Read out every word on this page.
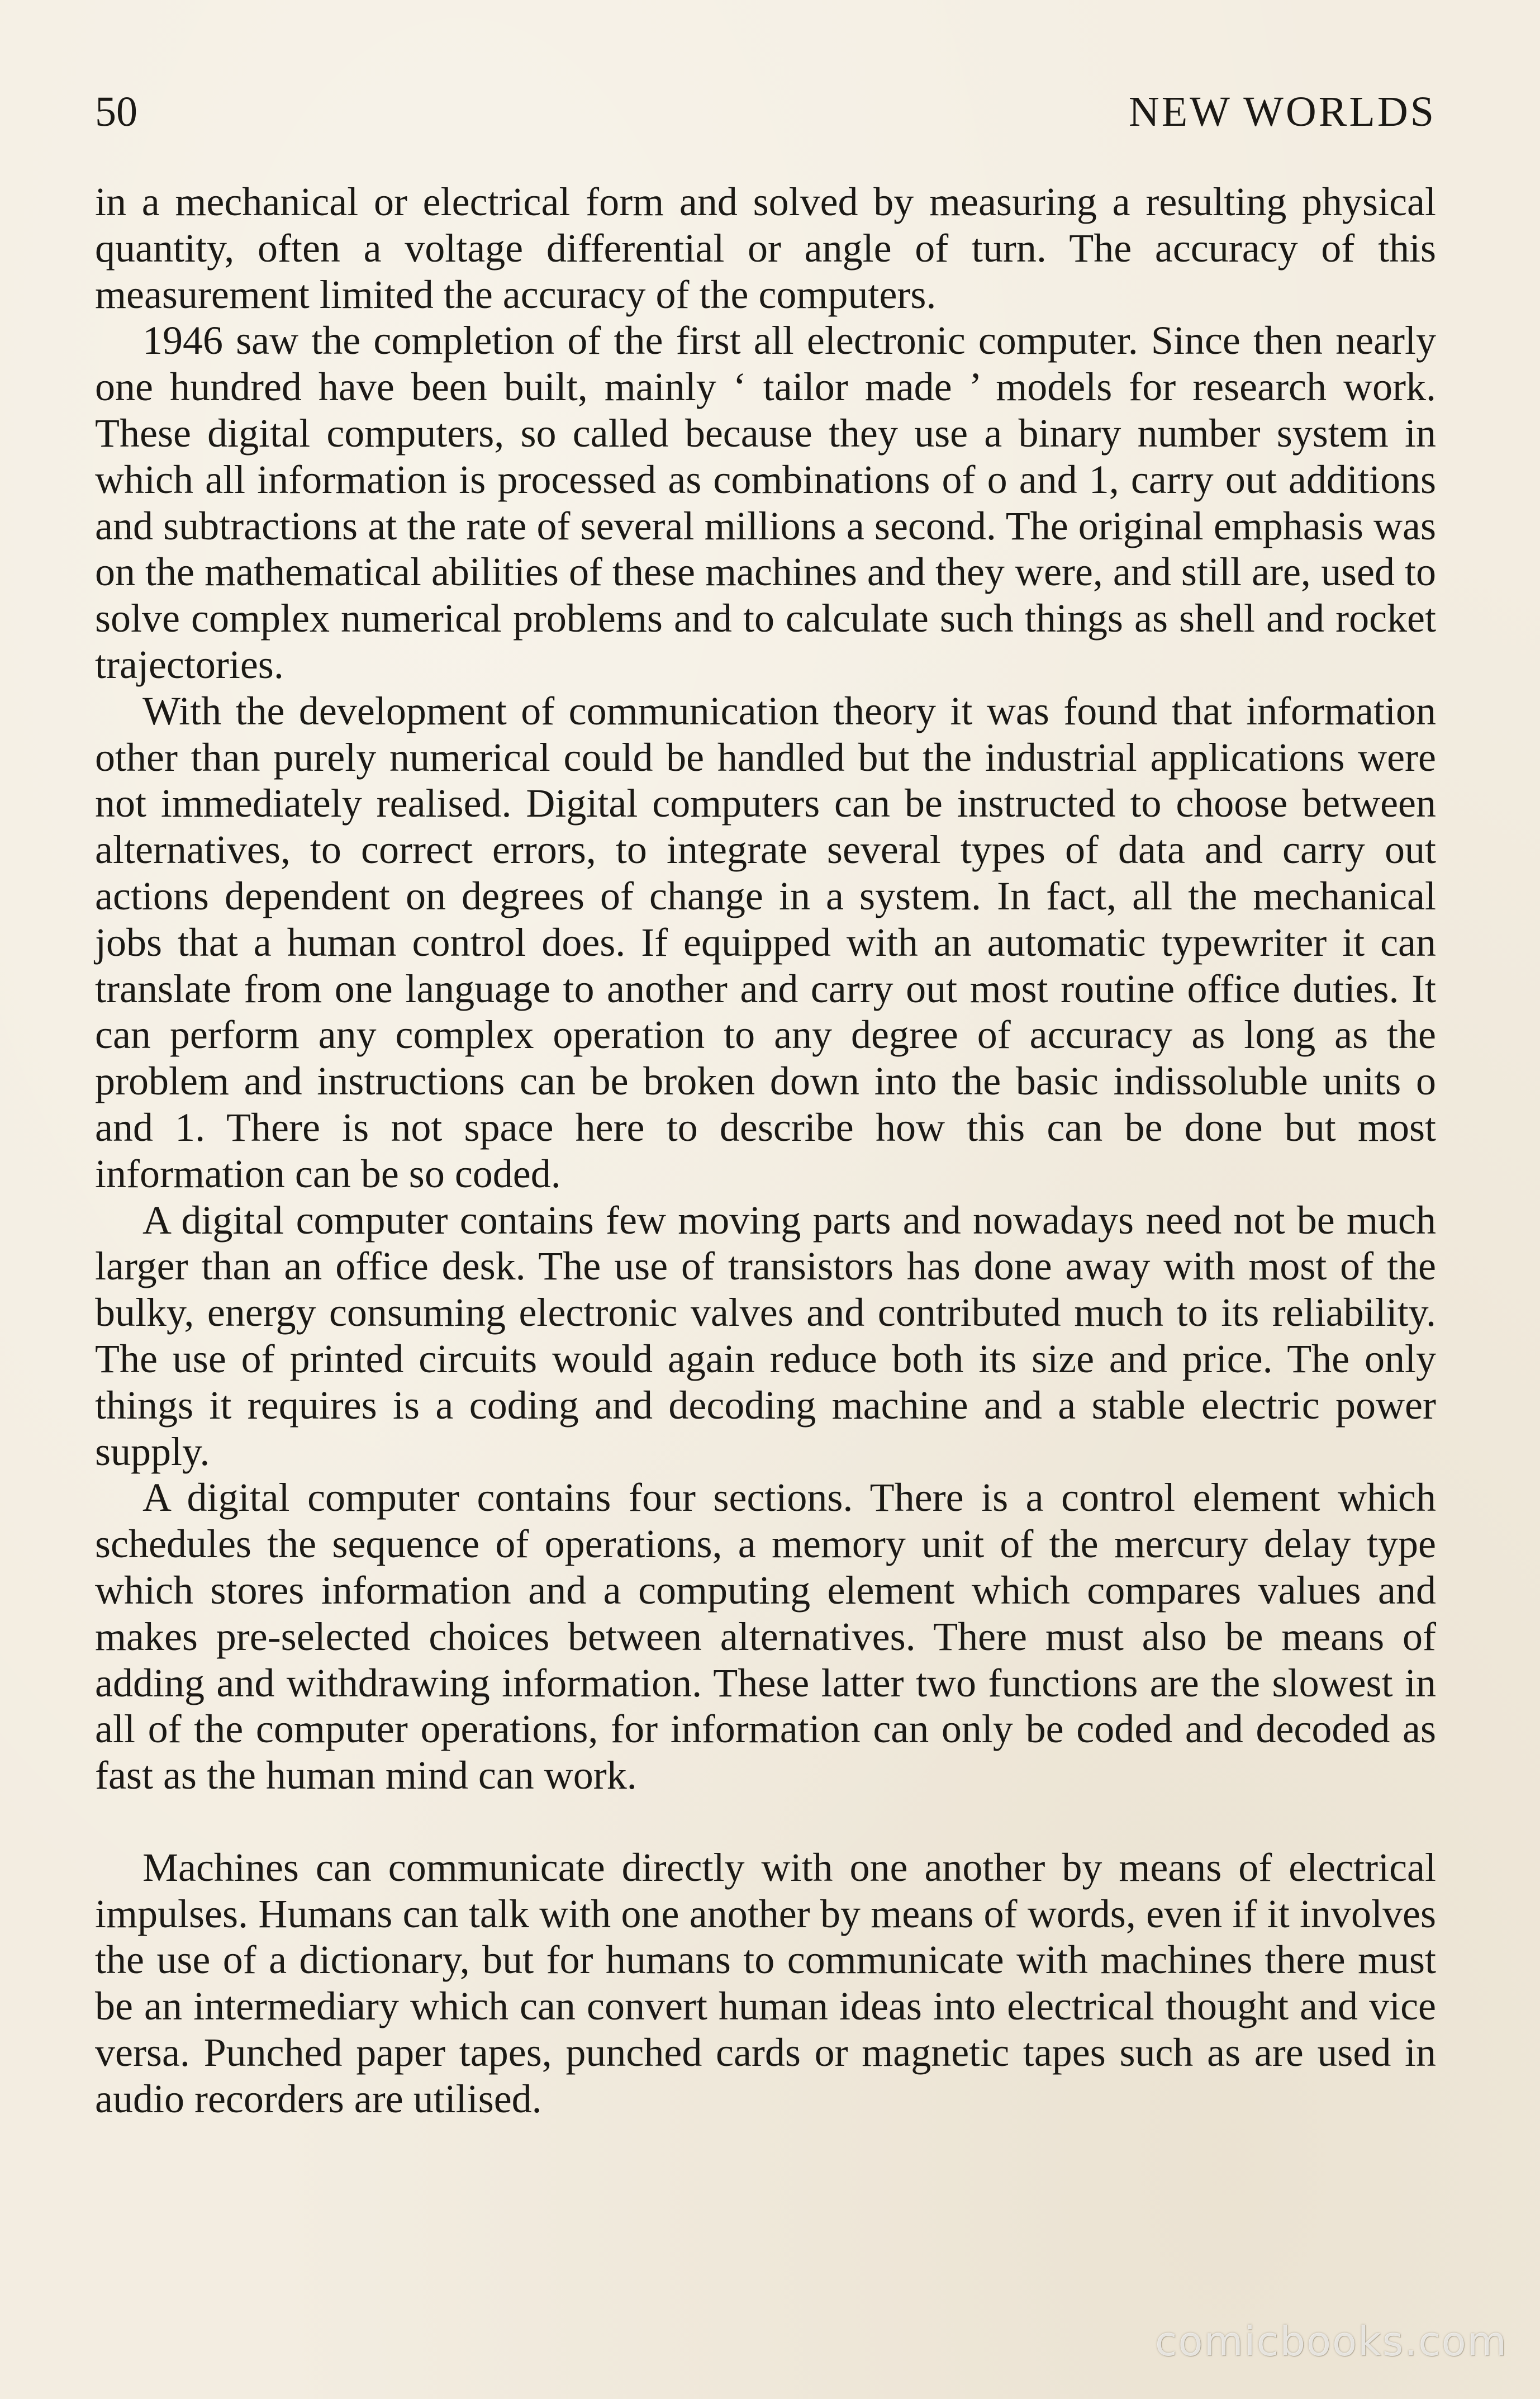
50	NEW WORLDS

in a mechanical or electrical form and solved by measuring a resulting physical quantity, often a voltage differential or angle of turn. The accuracy of this measurement limited the accuracy of the computers.

1946 saw the completion of the first all electronic computer. Since then nearly one hundred have been built, mainly ‘ tailor made ’ models for research work. These digital computers, so called because they use a binary number system in which all information is processed as combinations of o and 1, carry out additions and subtractions at the rate of several millions a second. The original emphasis was on the mathematical abilities of these machines and they were, and still are, used to solve complex numerical problems and to calculate such things as shell and rocket trajectories.

With the development of communication theory it was found that information other than purely numerical could be handled but the industrial applications were not immediately realised. Digital computers can be instructed to choose between alternatives, to correct errors, to integrate several types of data and carry out actions dependent on degrees of change in a system. In fact, all the mechanical jobs that a human control does. If equipped with an automatic typewriter it can translate from one language to another and carry out most routine office duties. It can perform any complex operation to any degree of accuracy as long as the problem and instructions can be broken down into the basic indissoluble units o and 1. There is not space here to describe how this can be done but most information can be so coded.

A digital computer contains few moving parts and nowadays need not be much larger than an office desk. The use of transistors has done away with most of the bulky, energy consuming electronic valves and contributed much to its reliability. The use of printed circuits would again reduce both its size and price. The only things it requires is a coding and decoding machine and a stable electric power supply.

A digital computer contains four sections. There is a control element which schedules the sequence of operations, a memory unit of the mercury delay type which stores information and a computing element which compares values and makes pre-selected choices between alternatives. There must also be means of adding and withdrawing information. These latter two functions are the slowest in all of the computer operations, for information can only be coded and decoded as fast as the human mind can work.

Machines can communicate directly with one another by means of electrical impulses. Humans can talk with one another by means of words, even if it involves the use of a dictionary, but for humans to communicate with machines there must be an intermediary which can convert human ideas into electrical thought and vice versa. Punched paper tapes, punched cards or magnetic tapes such as are used in audio recorders are utilised.

comicbooks.com
